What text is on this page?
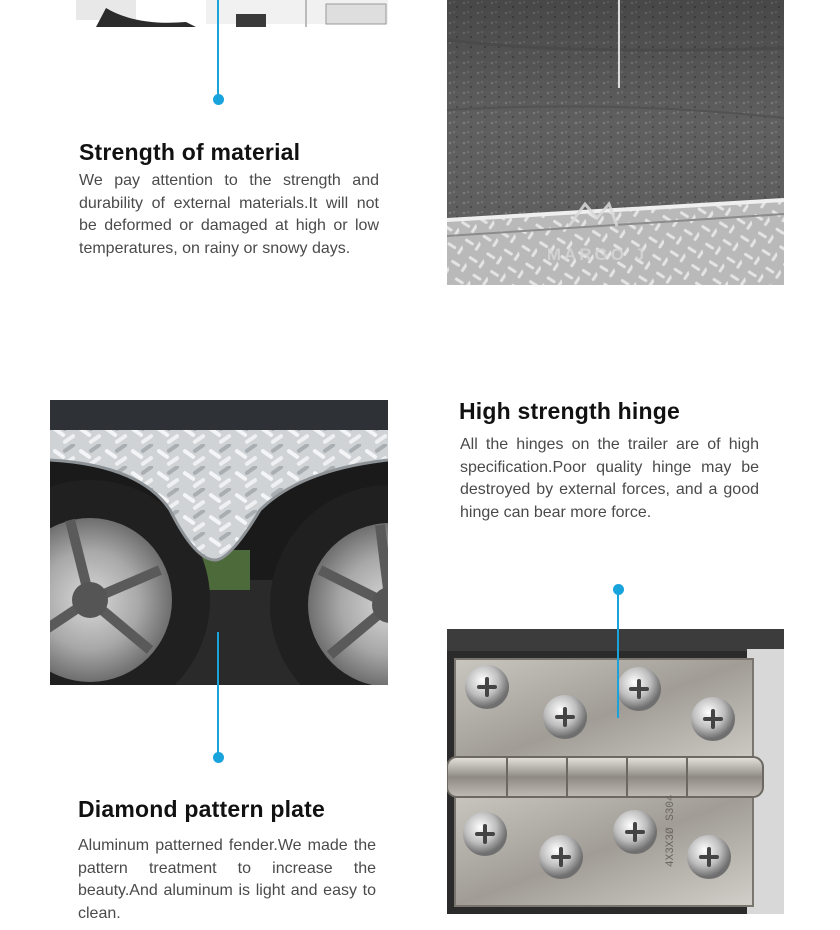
Strength of material

We pay attention to the strength and durability of external materials.It will not be deformed or damaged at high or low temperatures, on rainy or snowy days.	MARGO J
High strength hinge

All the hinges on the trailer are of high specification.Poor quality hinge may be destroyed by external forces, and a good hinge can bear more force.

4X3X3Ø S304
Diamond pattern plate

Aluminum patterned fender.We made the pattern treatment to increase the beauty.And aluminum is light and easy to clean.
